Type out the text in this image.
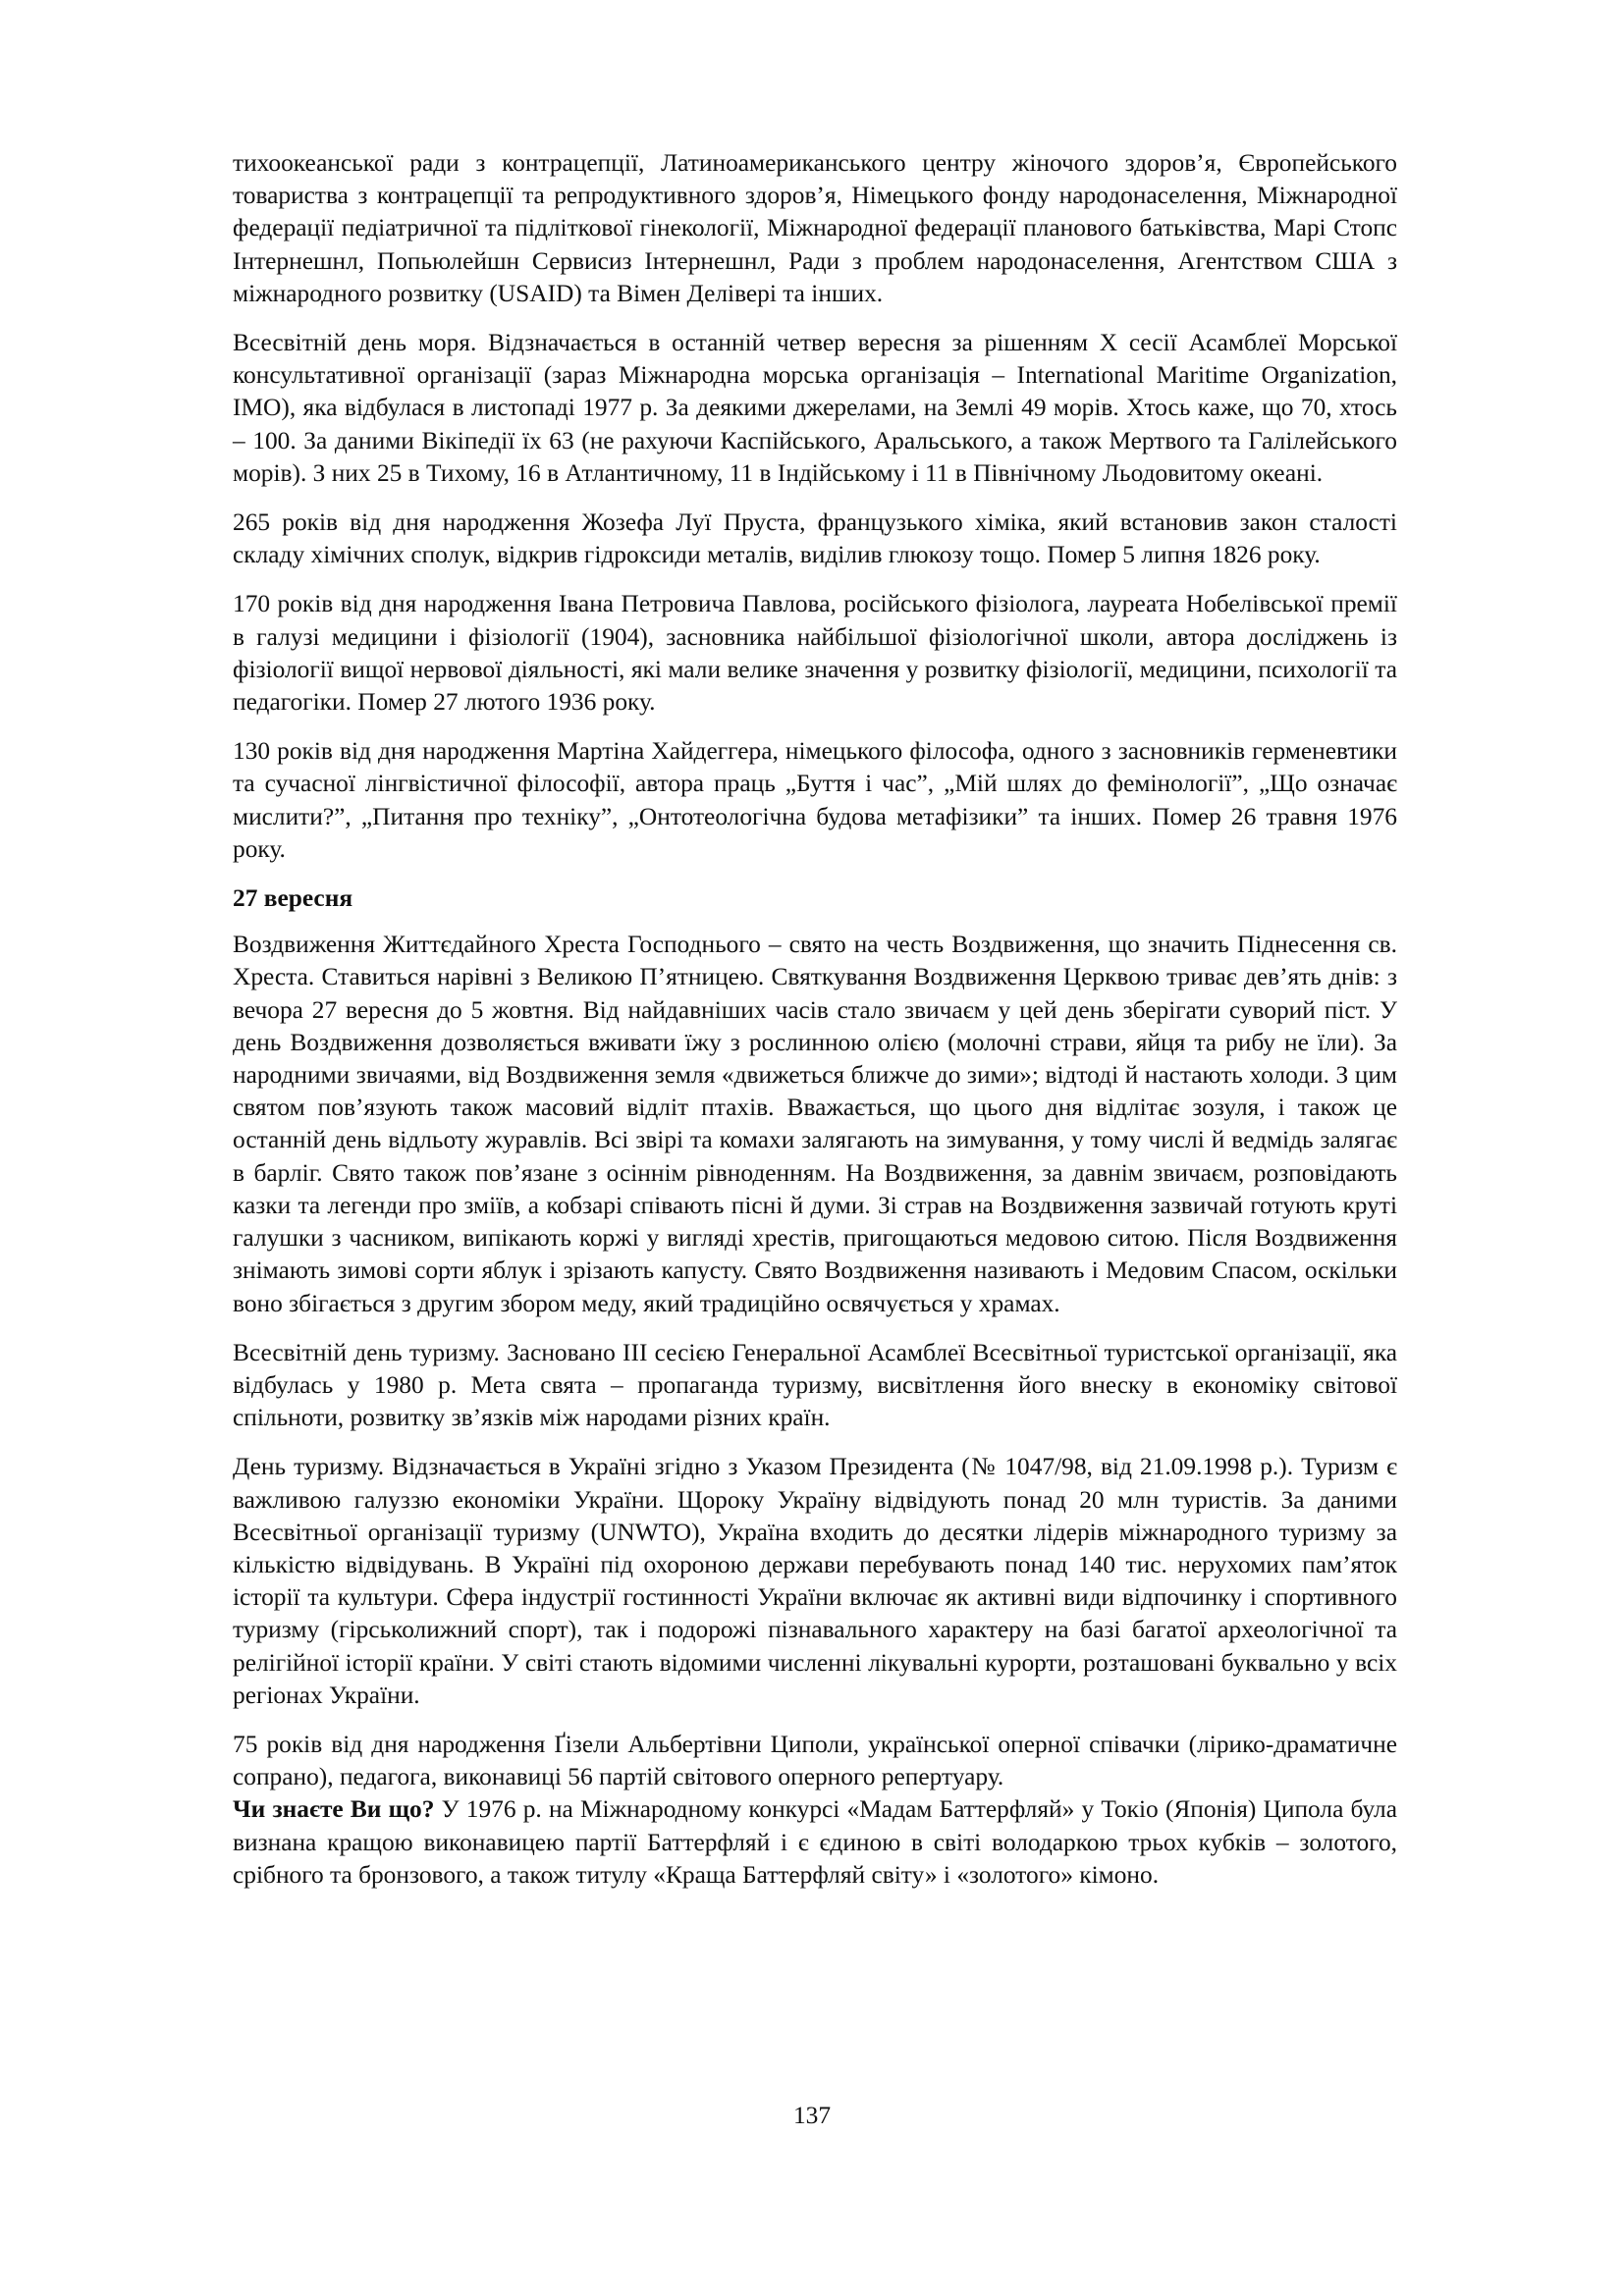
тихоокеанської ради з контрацепції, Латиноамериканського центру жіночого здоров’я, Європейського товариства з контрацепції та репродуктивного здоров’я, Німецького фонду народонаселення, Міжнародної федерації педіатричної та підліткової гінекології, Міжнародної федерації планового батьківства, Марі Стопс Інтернешнл, Попьюлейшн Сервисиз Інтернешнл, Ради з проблем народонаселення, Агентством США з міжнародного розвитку (USAID) та Вімен Делівері та інших.

Всесвітній день моря. Відзначається в останній четвер вересня за рішенням X сесії Асамблеї Морської консультативної організації (зараз Міжнародна морська організація – International Maritime Organization, IMO), яка відбулася в листопаді 1977 р. За деякими джерелами, на Землі 49 морів. Хтось каже, що 70, хтось – 100. За даними Вікіпедії їх 63 (не рахуючи Каспійського, Аральського, а також Мертвого та Галілейського морів). З них 25 в Тихому, 16 в Атлантичному, 11 в Індійському і 11 в Північному Льодовитому океані.

265 років від дня народження Жозефа Луї Пруста, французького хіміка, який встановив закон сталості складу хімічних сполук, відкрив гідроксиди металів, виділив глюкозу тощо. Помер 5 липня 1826 року.

170 років від дня народження Івана Петровича Павлова, російського фізіолога, лауреата Нобелівської премії в галузі медицини і фізіології (1904), засновника найбільшої фізіологічної школи, автора досліджень із фізіології вищої нервової діяльності, які мали велике значення у розвитку фізіології, медицини, психології та педагогіки. Помер 27 лютого 1936 року.

130 років від дня народження Мартіна Хайдеггера, німецького філософа, одного з засновників герменевтики та сучасної лінгвістичної філософії, автора праць „Буття і час”, „Мій шлях до фемінології”, „Що означає мислити?”, „Питання про техніку”, „Онтотеологічна будова метафізики” та інших. Помер 26 травня 1976 року.

27 вересня

Воздвиження Життєдайного Хреста Господнього – свято на честь Воздвиження, що значить Піднесення св. Хреста. Ставиться нарівні з Великою П’ятницею. Святкування Воздвиження Церквою триває дев’ять днів: з вечора 27 вересня до 5 жовтня. Від найдавніших часів стало звичаєм у цей день зберігати суворий піст. У день Воздвиження дозволяється вживати їжу з рослинною олією (молочні страви, яйця та рибу не їли). За народними звичаями, від Воздвиження земля «движеться ближче до зими»; відтоді й настають холоди. З цим святом пов’язують також масовий відліт птахів. Вважається, що цього дня відлітає зозуля, і також це останній день відльоту журавлів. Всі звірі та комахи залягають на зимування, у тому числі й ведмідь залягає в барліг. Свято також пов’язане з осіннім рівноденням. На Воздвиження, за давнім звичаєм, розповідають казки та легенди про змiїв, а кобзарі співають пісні й думи. Зі страв на Воздвиження зазвичай готують круті галушки з часником, випікають коржі у вигляді хрестів, пригощаються медовою ситою. Після Воздвиження знімають зимові сорти яблук і зрізають капусту. Свято Воздвиження називають і Медовим Спасом, оскільки воно збігається з другим збором меду, який традиційно освячується у храмах.

Всесвітній день туризму. Засновано III сесією Генеральної Асамблеї Всесвітньої туристської організації, яка відбулась у 1980 р. Мета свята – пропаганда туризму, висвітлення його внеску в економіку світової спільноти, розвитку зв’язків між народами різних країн.

День туризму. Відзначається в Україні згідно з Указом Президента (№ 1047/98, від 21.09.1998 р.). Туризм є важливою галуззю економіки України. Щороку Україну відвідують понад 20 млн туристів. За даними Всесвітньої організації туризму (UNWTO), Україна входить до десятки лідерів міжнародного туризму за кількістю відвідувань. В Україні під охороною держави перебувають понад 140 тис. нерухомих пам’яток історії та культури. Сфера індустрії гостинності України включає як активні види відпочинку і спортивного туризму (гірськолижний спорт), так і подорожі пізнавального характеру на базі багатої археологічної та релігійної історії країни. У світі стають відомими численні лікувальні курорти, розташовані буквально у всіх регіонах України.

75 років від дня народження Ґізели Альбертівни Циполи, української оперної співачки (лірико-драматичне сопрано), педагога, виконавиці 56 партій світового оперного репертуару.

Чи знаєте Ви що? У 1976 р. на Міжнародному конкурсі «Мадам Баттерфляй» у Токіо (Японія) Ципола була визнана кращою виконавицею партії Баттерфляй і є єдиною в світі володаркою трьох кубків – золотого, срібного та бронзового, а також титулу «Краща Баттерфляй світу» і «золотого» кімоно.

137
